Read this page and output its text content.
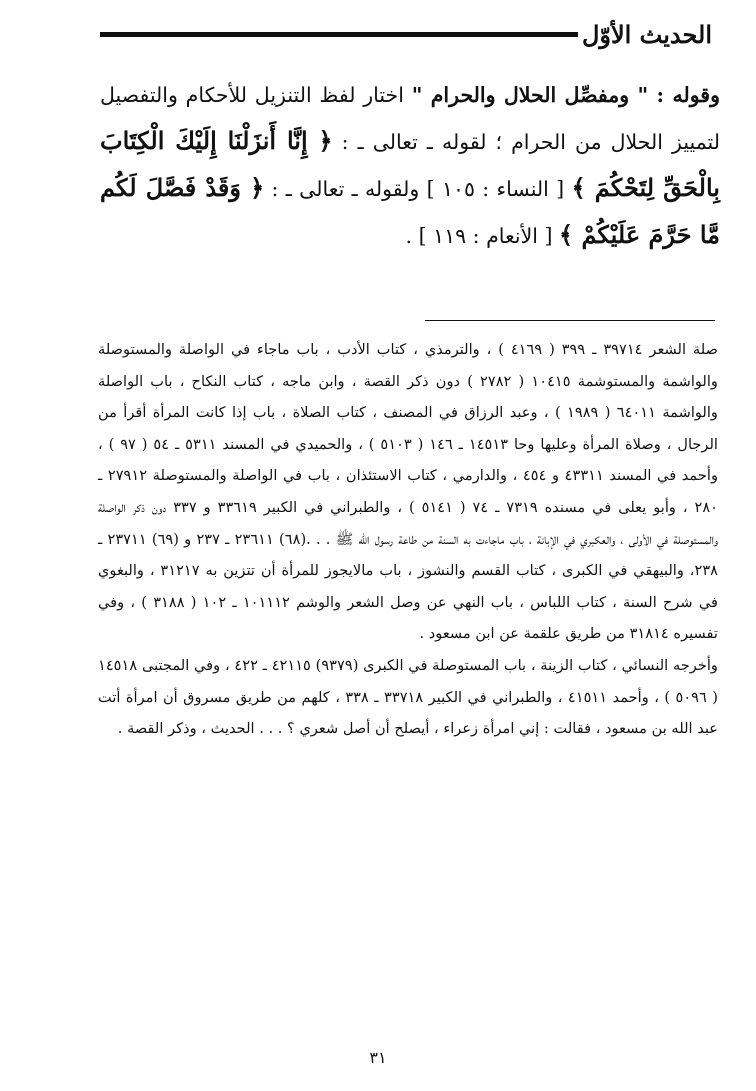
الحديث الأوّل
وقوله : " ومفصِّل الحلال والحرام " اختار لفظ التنزيل للأحكام والتفصيل لتمييز الحلال من الحرام ؛ لقوله ـ تعالى ـ : ﴿ إِنَّا أَنزَلْنَا إِلَيْكَ الْكِتَابَ بِالْحَقِّ لِتَحْكُمَ ﴾ [ النساء : ١٠٥ ] ولقوله ـ تعالى ـ : ﴿ وَقَدْ فَصَّلَ لَكُم مَّا حَرَّمَ عَلَيْكُمْ ﴾ [ الأنعام : ١١٩ ] .

صلة الشعر ٣٩٧١٤ ـ ٣٩٩ ( ٤١٦٩ ) ، والترمذي ، كتاب الأدب ، باب ماجاء في الواصلة والمستوصلة والواشمة والمستوشمة ١٠٤١٥ ( ٢٧٨٢ ) دون ذكر القصة ، وابن ماجه ، كتاب النكاح ، باب الواصلة والواشمة ٦٤٠١١ ( ١٩٨٩ ) ، وعبد الرزاق في المصنف ، كتاب الصلاة ، باب إذا كانت المرأة أقرأ من الرجال ، وصلاة المرأة وعليها وحا ١٤٥١٣ ـ ١٤٦ ( ٥١٠٣ ) ، والحميدي في المسند ٥٣١١ ـ ٥٤ ( ٩٧ ) ، وأحمد في المسند ٤٣٣١١ و ٤٥٤ ، والدارمي ، كتاب الاستئذان ، باب في الواصلة والمستوصلة ٢٧٩١٢ ـ ٢٨٠ ، وأبو يعلى في مسنده ٧٣١٩ ـ ٧٤ ( ٥١٤١ ) ، والطبراني في الكبير ٣٣٦١٩ و ٣٣٧ دون ذكر الواصلة والمستوصلة في الأولى ، والعكبري في الإبانة ، باب ماجاءت به السنة من طاعة رسول الله ﷺ . . .(٦٨) ٢٣٦١١ ـ ٢٣٧ و (٦٩) ٢٣٧١١ ـ ٢٣٨، والبيهقي في الكبرى ، كتاب القسم والنشوز ، باب مالايجوز للمرأة أن تتزين به ٣١٢١٧ ، والبغوي في شرح السنة ، كتاب اللباس ، باب النهي عن وصل الشعر والوشم ١٠١١١٢ ـ ١٠٢ ( ٣١٨٨ ) ، وفي تفسيره ٣١٨١٤ من طريق علقمة عن ابن مسعود .

وأخرجه النسائي ، كتاب الزينة ، باب المستوصلة في الكبرى (٩٣٧٩) ٤٢١١٥ ـ ٤٢٢ ، وفي المجتبى ١٤٥١٨ ( ٥٠٩٦ ) ، وأحمد ٤١٥١١ ، والطبراني في الكبير ٣٣٧١٨ ـ ٣٣٨ ، كلهم من طريق مسروق أن امرأة أتت عبد الله بن مسعود ، فقالت : إني امرأة زعراء ، أيصلح أن أصل شعري ؟ . . . الحديث ، وذكر القصة .

٣١
